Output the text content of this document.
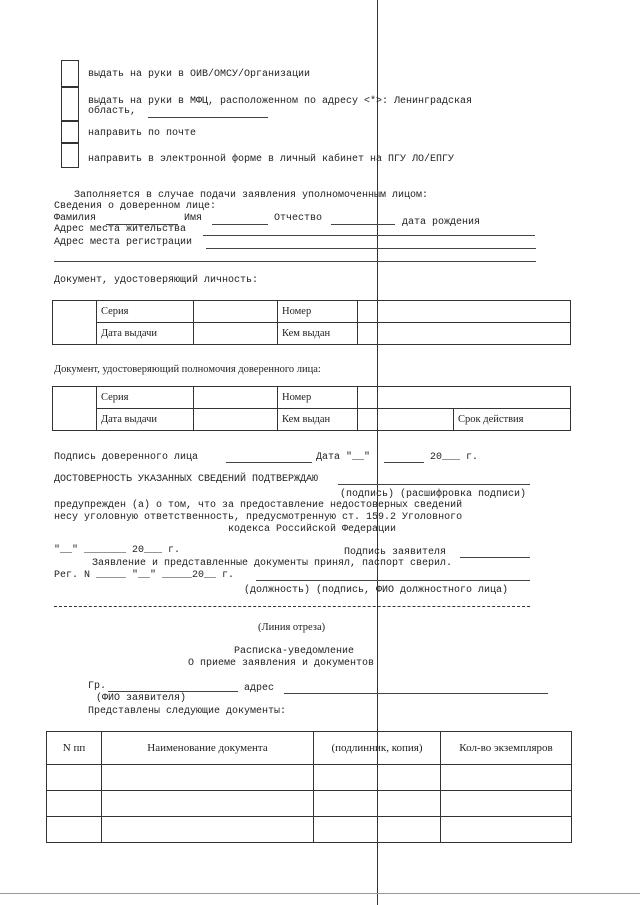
выдать на руки в ОИВ/ОМСУ/Организации
выдать на руки в МФЦ, расположенном по адресу <*>: Ленинградская
область,
направить по почте
направить в электронной форме в личный кабинет на ПГУ ЛО/ЕПГУ
Заполняется в случае подачи заявления уполномоченным лицом:
Сведения о доверенном лице:
Фамилия	Имя	Отчество	дата рождения
Адрес места жительства
Адрес места регистрации
Документ, удостоверяющий личность:
	Серия		Номер	
	Дата выдачи		Кем выдан	
Документ, удостоверяющий полномочия доверенного лица:
	Серия		Номер		
	Дата выдачи		Кем выдан		Срок действия
Подпись доверенного лица	Дата "__"	20___ г.
ДОСТОВЕРНОСТЬ УКАЗАННЫХ СВЕДЕНИЙ ПОДТВЕРЖДАЮ
(подпись) (расшифровка подписи)
предупрежден (а) о том, что за предоставление недостоверных сведений
несу уголовную ответственность, предусмотренную ст. 159.2 Уголовного
кодекса Российской Федерации
"__" _______ 20___ г.	Подпись заявителя
Заявление и представленные документы принял, паспорт сверил.
Рег. N _____ "__" _____20__ г.
(должность) (подпись, ФИО должностного лица)
(Линия отреза)
Расписка-уведомление
О приеме заявления и документов
Гр.	адрес
(ФИО заявителя)
Представлены следующие документы:
N пп	Наименование документа	(подлинник, копия)	Кол-во экземпляров
